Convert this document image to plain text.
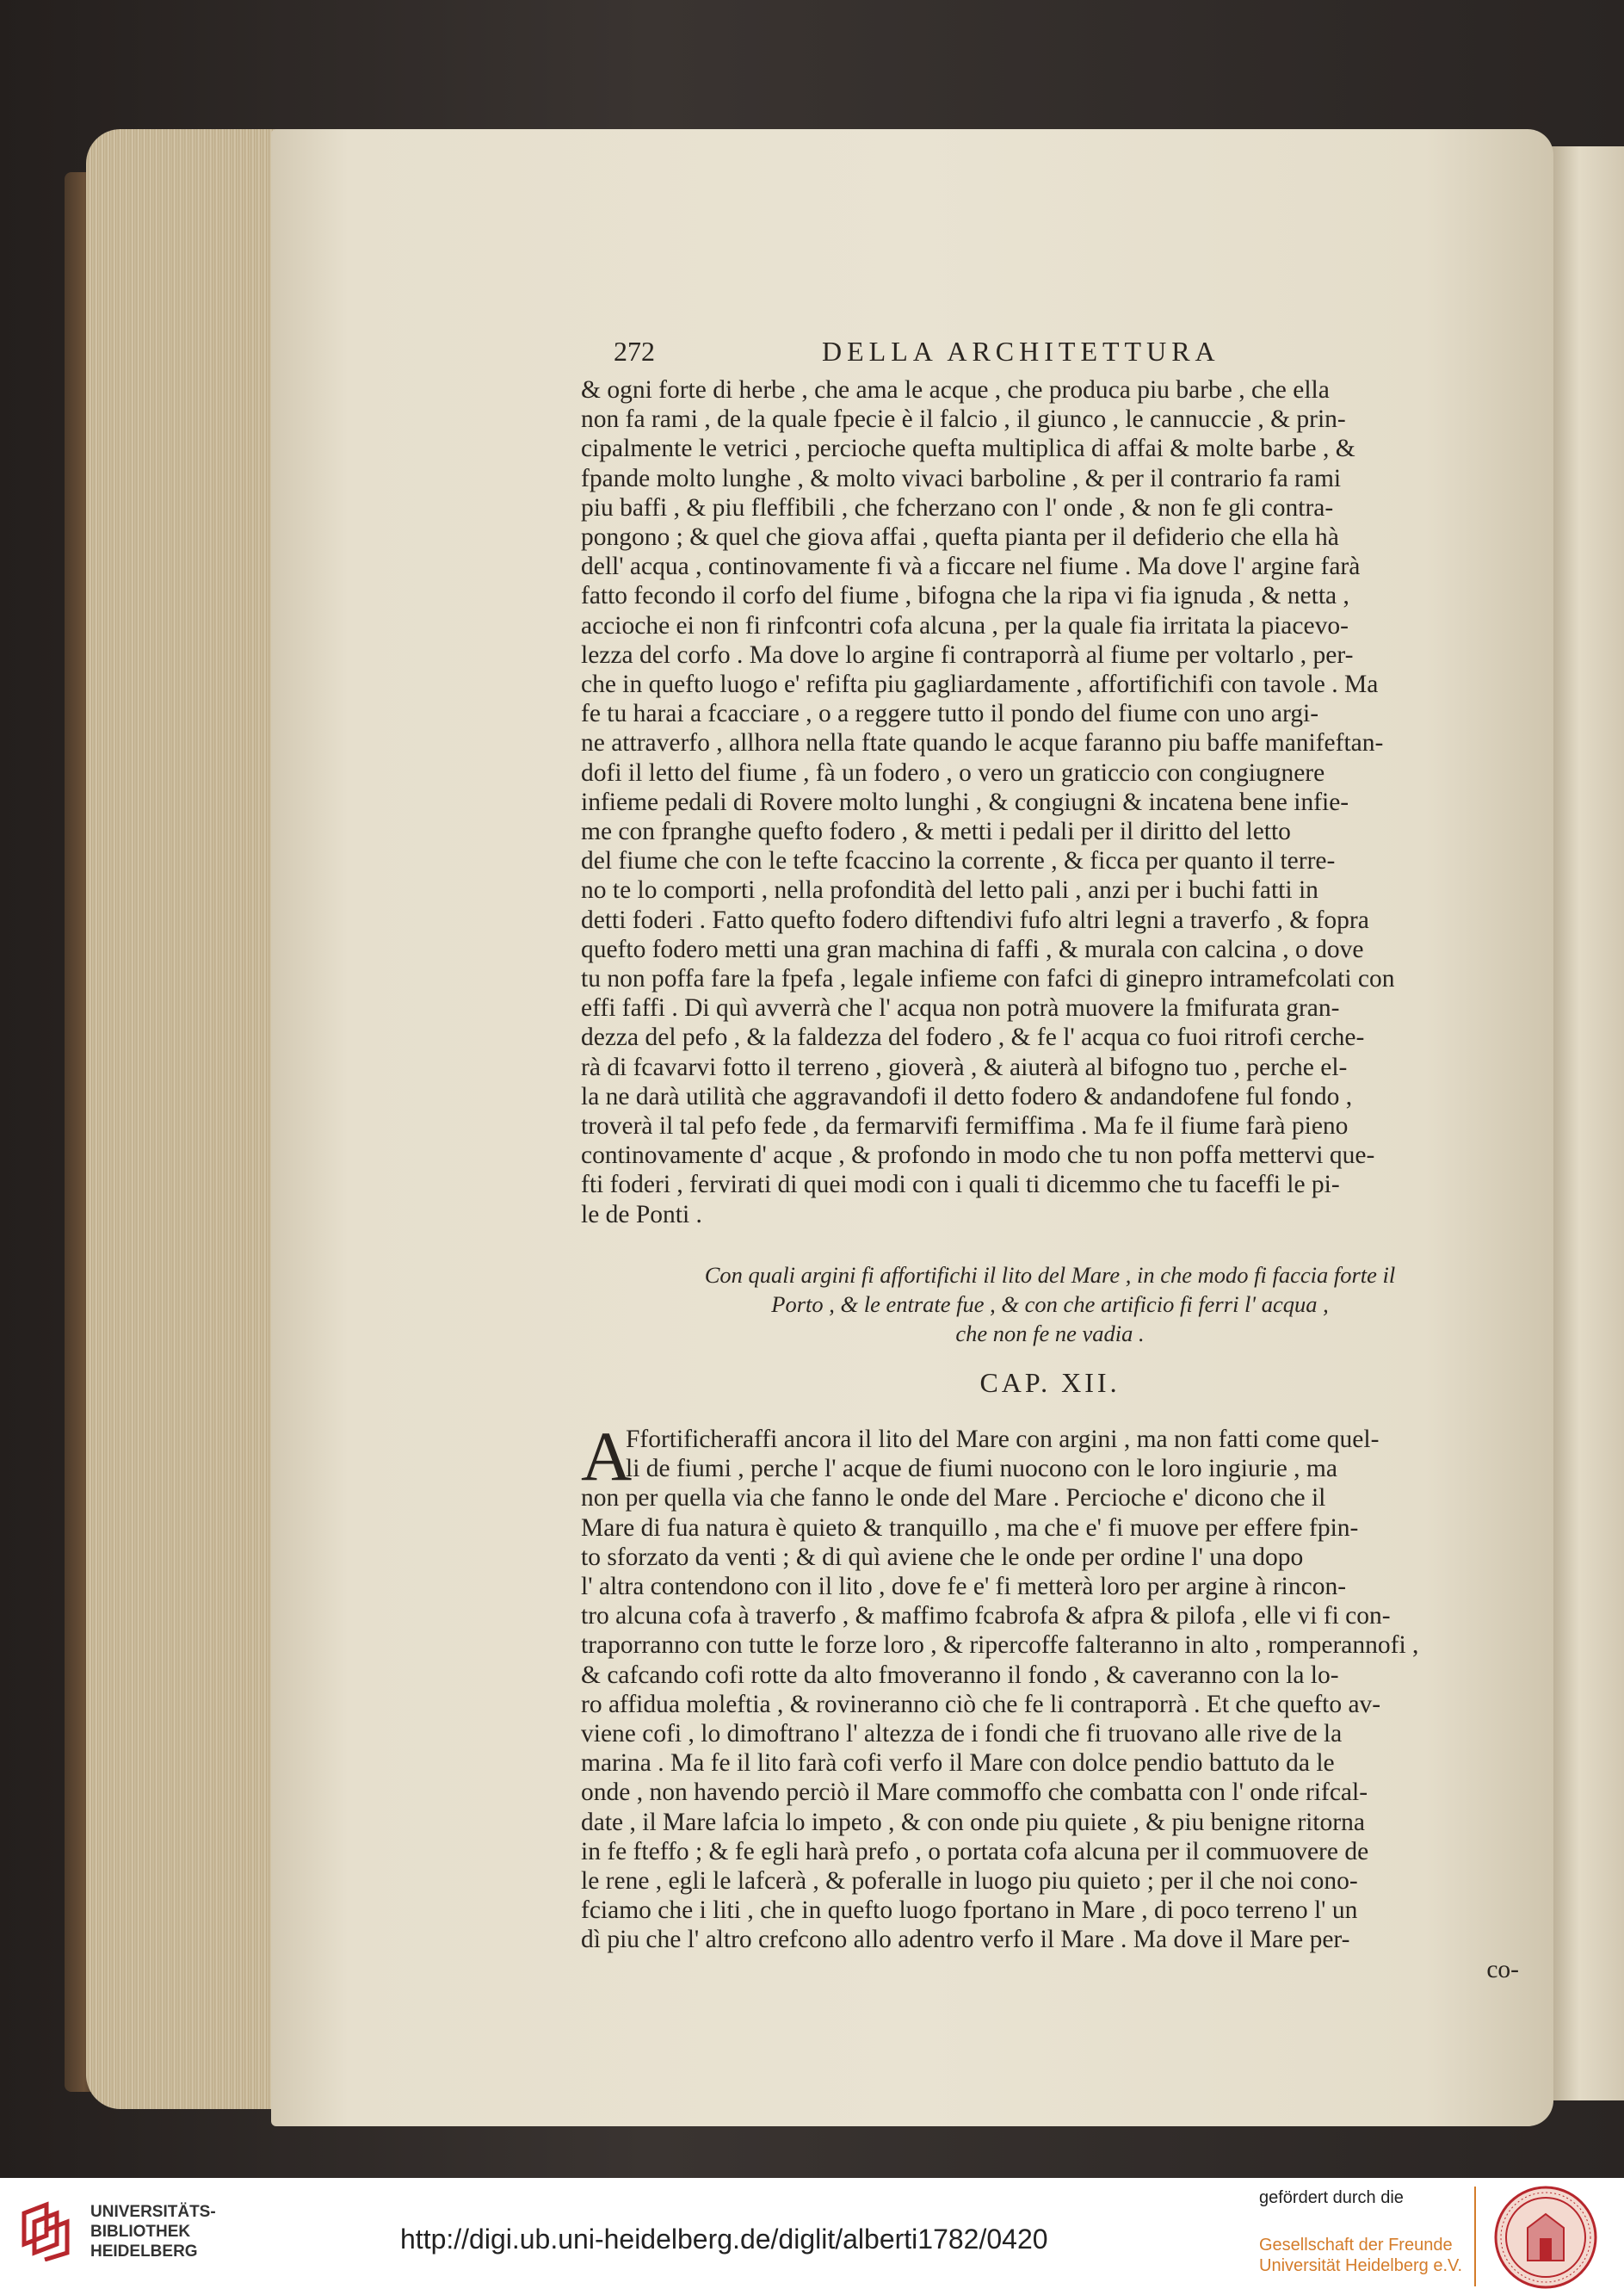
272	DELLA ARCHITETTURA

& ogni forte di herbe , che ama le acque , che produca piu barbe , che ella
non fa rami , de la quale fpecie è il falcio , il giunco , le cannuccie , & prin-
cipalmente le vetrici , percioche quefta multiplica di affai & molte barbe , &
fpande molto lunghe , & molto vivaci barboline , & per il contrario fa rami
piu baffi , & piu fleffibili , che fcherzano con l' onde , & non fe gli contra-
pongono ; & quel che giova affai , quefta pianta per il defiderio che ella hà
dell' acqua , continovamente fi và a ficcare nel fiume . Ma dove l' argine farà
fatto fecondo il corfo del fiume , bifogna che la ripa vi fia ignuda , & netta ,
accioche ei non fi rinfcontri cofa alcuna , per la quale fia irritata la piacevo-
lezza del corfo . Ma dove lo argine fi contraporrà al fiume per voltarlo , per-
che in quefto luogo e' refifta piu gagliardamente , affortifichifi con tavole . Ma
fe tu harai a fcacciare , o a reggere tutto il pondo del fiume con uno argi-
ne attraverfo , allhora nella ftate quando le acque faranno piu baffe manifeftan-
dofi il letto del fiume , fà un fodero , o vero un graticcio con congiugnere
infieme pedali di Rovere molto lunghi , & congiugni & incatena bene infie-
me con fpranghe quefto fodero , & metti i pedali per il diritto del letto
del fiume che con le tefte fcaccino la corrente , & ficca per quanto il terre-
no te lo comporti , nella profondità del letto pali , anzi per i buchi fatti in
detti foderi . Fatto quefto fodero diftendivi fufo altri legni a traverfo , & fopra
quefto fodero metti una gran machina di faffi , & murala con calcina , o dove
tu non poffa fare la fpefa , legale infieme con fafci di ginepro intramefcolati con
effi faffi . Di quì avverrà che l' acqua non potrà muovere la fmifurata gran-
dezza del pefo , & la faldezza del fodero , & fe l' acqua co fuoi ritrofi cerche-
rà di fcavarvi fotto il terreno , gioverà , & aiuterà al bifogno tuo , perche el-
la ne darà utilità che aggravandofi il detto fodero & andandofene ful fondo ,
troverà il tal pefo fede , da fermarvifi fermiffima . Ma fe il fiume farà pieno
continovamente d' acque , & profondo in modo che tu non poffa mettervi que-
fti foderi , fervirati di quei modi con i quali ti dicemmo che tu faceffi le pi-
le de Ponti .

Con quali argini fi affortifichi il lito del Mare , in che modo fi faccia forte il
Porto , & le entrate fue , & con che artificio fi ferri l' acqua ,
che non fe ne vadia .
CAP. XII.
A

Ffortificheraffi ancora il lito del Mare con argini , ma non fatti come quel-
li de fiumi , perche l' acque de fiumi nuocono con le loro ingiurie , ma

non per quella via che fanno le onde del Mare . Percioche e' dicono che il
Mare di fua natura è quieto & tranquillo , ma che e' fi muove per effere fpin-
to sforzato da venti ; & di quì aviene che le onde per ordine l' una dopo
l' altra contendono con il lito , dove fe e' fi metterà loro per argine à rincon-
tro alcuna cofa à traverfo , & maffimo fcabrofa & afpra & pilofa , elle vi fi con-
traporranno con tutte le forze loro , & ripercoffe falteranno in alto , romperannofi ,
& cafcando cofi rotte da alto fmoveranno il fondo , & caveranno con la lo-
ro affidua moleftia , & rovineranno ciò che fe li contraporrà . Et che quefto av-
viene cofi , lo dimoftrano l' altezza de i fondi che fi truovano alle rive de la
marina . Ma fe il lito farà cofi verfo il Mare con dolce pendio battuto da le
onde , non havendo perciò il Mare commoffo che combatta con l' onde rifcal-
date , il Mare lafcia lo impeto , & con onde piu quiete , & piu benigne ritorna
in fe fteffo ; & fe egli harà prefo , o portata cofa alcuna per il commuovere de
le rene , egli le lafcerà , & poferalle in luogo piu quieto ; per il che noi cono-
fciamo che i liti , che in quefto luogo fportano in Mare , di poco terreno l' un
dì piu che l' altro crefcono allo adentro verfo il Mare . Ma dove il Mare per-

co-
UNIVERSITÄTS-
BIBLIOTHEK
HEIDELBERG	http://digi.ub.uni-heidelberg.de/diglit/alberti1782/0420
gefördert durch die
Gesellschaft der Freunde
Universität Heidelberg e.V.
